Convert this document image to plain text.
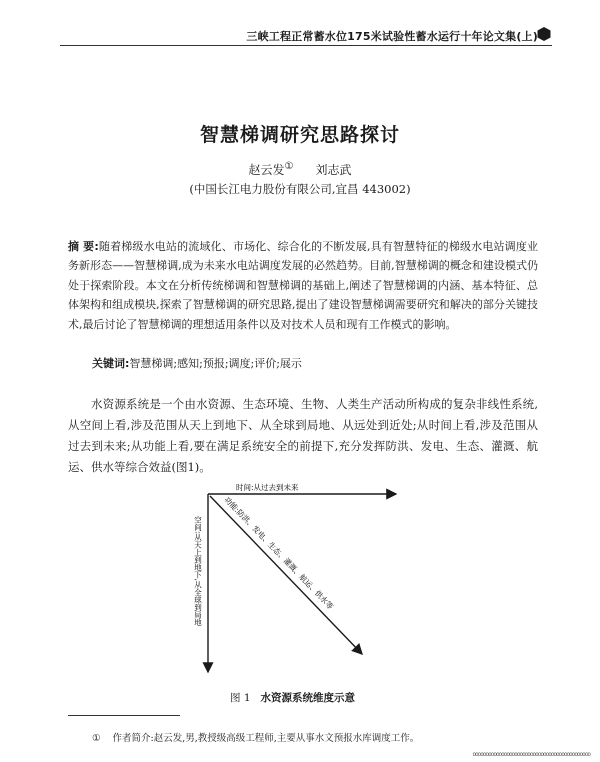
三峡工程正常蓄水位175米试验性蓄水运行十年论文集(上)
智慧梯调研究思路探讨
赵云发① 刘志武
(中国长江电力股份有限公司,宜昌 443002)
摘 要:随着梯级水电站的流域化、市场化、综合化的不断发展,具有智慧特征的梯级水电站调度业务新形态——智慧梯调,成为未来水电站调度发展的必然趋势。目前,智慧梯调的概念和建设模式仍处于探索阶段。本文在分析传统梯调和智慧梯调的基础上,阐述了智慧梯调的内涵、基本特征、总体架构和组成模块,探索了智慧梯调的研究思路,提出了建设智慧梯调需要研究和解决的部分关键技术,最后讨论了智慧梯调的理想适用条件以及对技术人员和现有工作模式的影响。
关键词:智慧梯调;感知;预报;调度;评价;展示
水资源系统是一个由水资源、生态环境、生物、人类生产活动所构成的复杂非线性系统,从空间上看,涉及范围从天上到地下、从全球到局地、从远处到近处;从时间上看,涉及范围从过去到未来;从功能上看,要在满足系统安全的前提下,充分发挥防洪、发电、生态、灌溉、航运、供水等综合效益(图1)。
时间:从过去到未来
空间:从天上到地下,从全球到局地	功能:防洪、发电、生态、灌溉、航运、供水等
图 1 水资源系统维度示意
① 作者简介:赵云发,男,教授级高级工程师,主要从事水文预报水库调度工作。
ooooooooooooooooooooooooooooooooooooooooooooo
